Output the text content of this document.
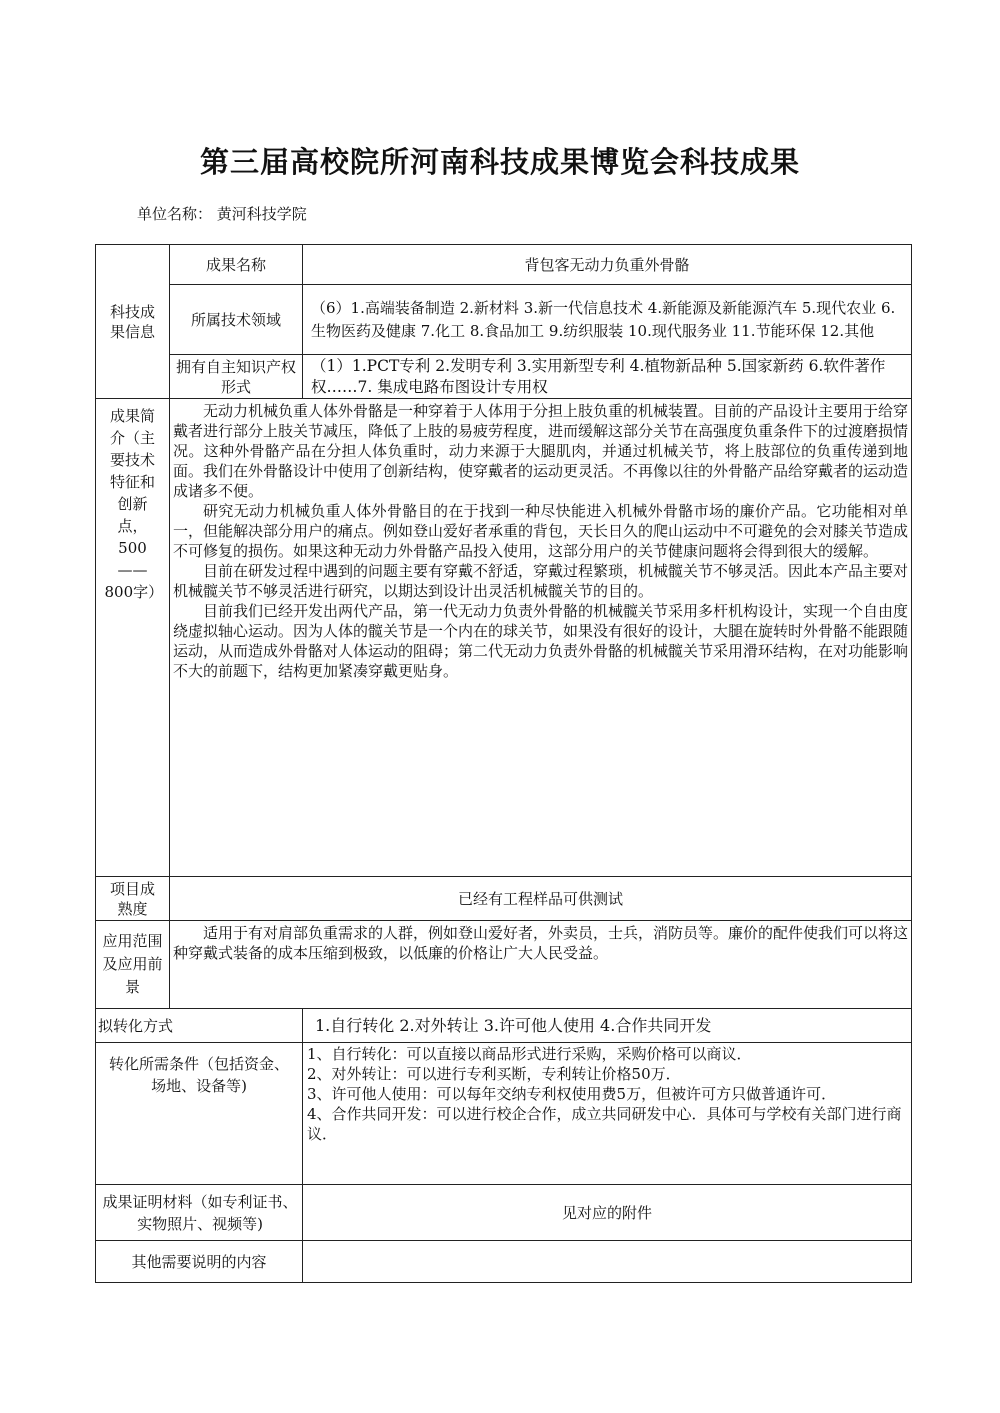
第三届高校院所河南科技成果博览会科技成果
单位名称： 黄河科技学院
科技成果信息	成果名称	背包客无动力负重外骨骼
	所属技术领域	（6）1.高端装备制造 2.新材料 3.新一代信息技术 4.新能源及新能源汽车 5.现代农业 6.生物医药及健康 7.化工 8.食品加工 9.纺织服装 10.现代服务业 11.节能环保 12.其他

	拥有自主知识产权形式	（1）1.PCT专利 2.发明专利 3.实用新型专利 4.植物新品种 5.国家新药 6.软件著作权……7. 集成电路布图设计专用权

成果简介（主要技术特征和创新点，500——800字）	无动力机械负重人体外骨骼是一种穿着于人体用于分担上肢负重的机械装置。目前的产品设计主要用于给穿戴者进行部分上肢关节减压，降低了上肢的易疲劳程度，进而缓解这部分关节在高强度负重条件下的过渡磨损情况。这种外骨骼产品在分担人体负重时，动力来源于大腿肌肉，并通过机械关节，将上肢部位的负重传递到地面。我们在外骨骼设计中使用了创新结构，使穿戴者的运动更灵活。不再像以往的外骨骼产品给穿戴者的运动造成诸多不便。

研究无动力机械负重人体外骨骼目的在于找到一种尽快能进入机械外骨骼市场的廉价产品。它功能相对单一，但能解决部分用户的痛点。例如登山爱好者承重的背包，天长日久的爬山运动中不可避免的会对膝关节造成不可修复的损伤。如果这种无动力外骨骼产品投入使用，这部分用户的关节健康问题将会得到很大的缓解。

目前在研发过程中遇到的问题主要有穿戴不舒适，穿戴过程繁琐，机械髋关节不够灵活。因此本产品主要对机械髋关节不够灵活进行研究，以期达到设计出灵活机械髋关节的目的。

目前我们已经开发出两代产品，第一代无动力负责外骨骼的机械髋关节采用多杆机构设计，实现一个自由度绕虚拟轴心运动。因为人体的髋关节是一个内在的球关节，如果没有很好的设计，大腿在旋转时外骨骼不能跟随运动，从而造成外骨骼对人体运动的阻碍；第二代无动力负责外骨骼的机械髋关节采用滑环结构，在对功能影响不大的前题下，结构更加紧凑穿戴更贴身。	

项目成熟度	已经有工程样品可供测试	

应用范围及应用前景	适用于有对肩部负重需求的人群，例如登山爱好者，外卖员，士兵，消防员等。廉价的配件使我们可以将这种穿戴式装备的成本压缩到极致，以低廉的价格让广大人民受益。	

拟转化方式		1.自行转化 2.对外转让 3.许可他人使用 4.合作共同开发

转化所需条件（包括资金、场地、设备等)		1、自行转化：可以直接以商品形式进行采购，采购价格可以商议．
2、对外转让：可以进行专利买断，专利转让价格50万．
3、许可他人使用：可以每年交纳专利权使用费5万，但被许可方只做普通许可．
4、合作共同开发：可以进行校企合作，成立共同研发中心．具体可与学校有关部门进行商议．

成果证明材料（如专利证书、实物照片、视频等)		见对应的附件
其他需要说明的内容		
